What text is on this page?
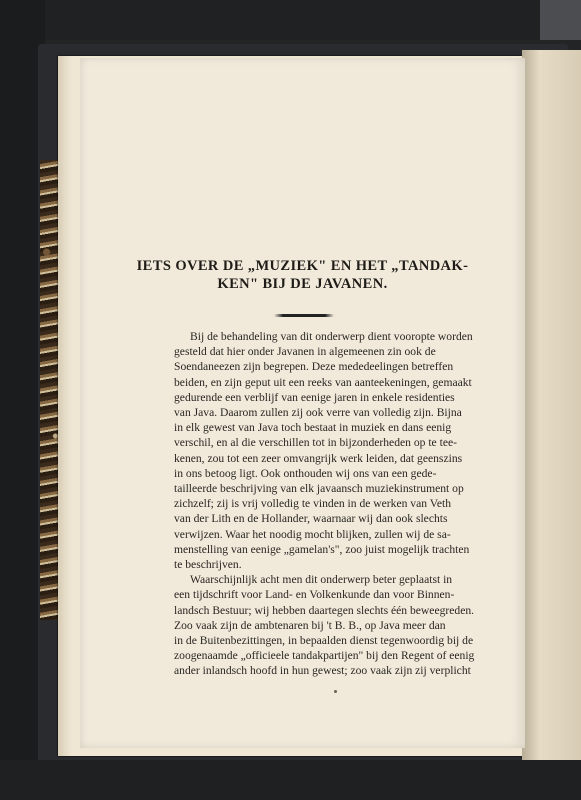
IETS OVER DE „MUZIEK" EN HET „TANDAK-
KEN" BIJ DE JAVANEN.
Bij de behandeling van dit onderwerp dient vooropte worden
gesteld dat hier onder Javanen in algemeenen zin ook de
Soendaneezen zijn begrepen. Deze mededeelingen betreffen
beiden, en zijn geput uit een reeks van aanteekeningen, gemaakt
gedurende een verblijf van eenige jaren in enkele residenties
van Java. Daarom zullen zij ook verre van volledig zijn. Bijna
in elk gewest van Java toch bestaat in muziek en dans eenig
verschil, en al die verschillen tot in bijzonderheden op te tee-
kenen, zou tot een zeer omvangrijk werk leiden, dat geenszins
in ons betoog ligt. Ook onthouden wij ons van een gede-
tailleerde beschrijving van elk javaansch muziekinstrument op
zichzelf; zij is vrij volledig te vinden in de werken van Veth
van der Lith en de Hollander, waarnaar wij dan ook slechts
verwijzen. Waar het noodig mocht blijken, zullen wij de sa-
menstelling van eenige „gamelan's", zoo juist mogelijk trachten
te beschrijven.
Waarschijnlijk acht men dit onderwerp beter geplaatst in
een tijdschrift voor Land- en Volkenkunde dan voor Binnen-
landsch Bestuur; wij hebben daartegen slechts één beweegreden.
Zoo vaak zijn de ambtenaren bij 't B. B., op Java meer dan
in de Buitenbezittingen, in bepaalden dienst tegenwoordig bij de
zoogenaamde „officieele tandakpartijen" bij den Regent of eenig
ander inlandsch hoofd in hun gewest; zoo vaak zijn zij verplicht
